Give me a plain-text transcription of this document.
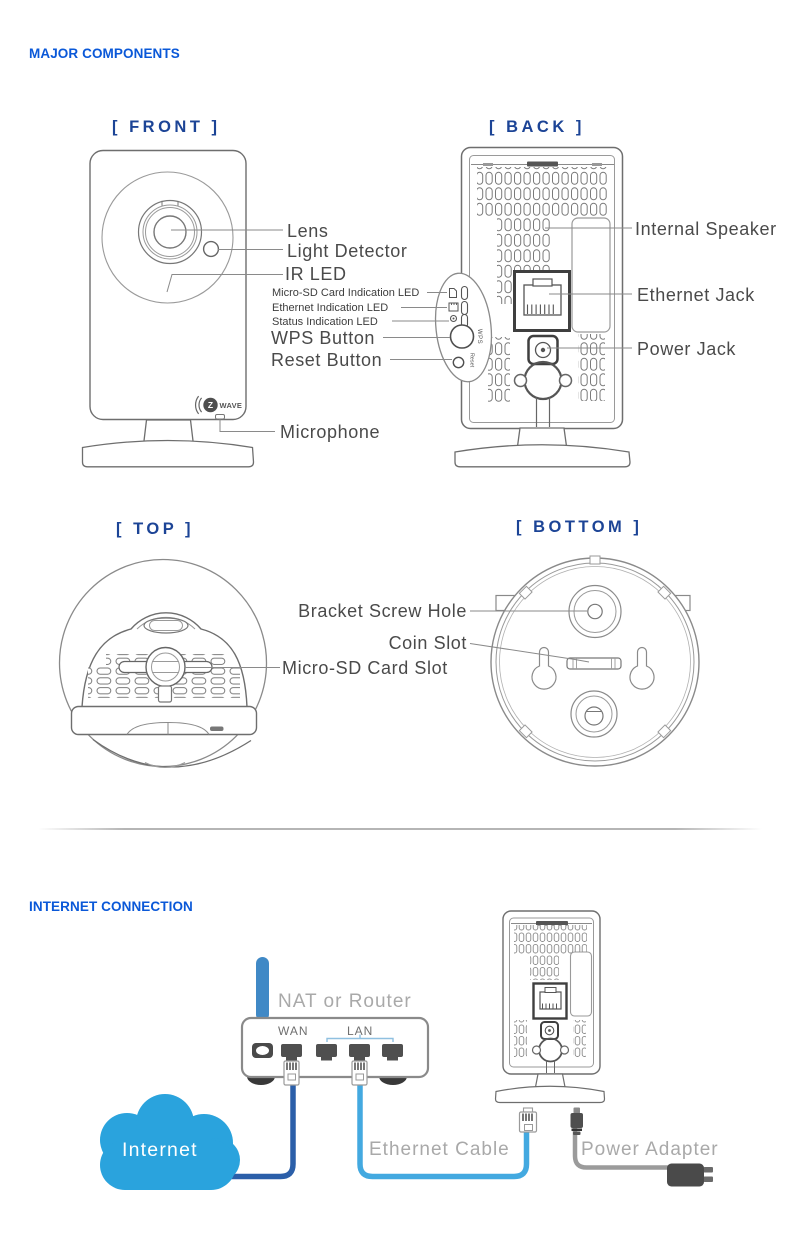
Z WAVE
WPS
Reset
MAJOR COMPONENTS
[ FRONT ]	[ BACK ]
[ TOP ]	[ BOTTOM ]
Lens
Light Detector
IR LED
Micro-SD Card Indication LED
Ethernet Indication LED
Status Indication LED
WPS Button
Reset Button
Microphone
Internal Speaker
Ethernet Jack
Power Jack
Bracket Screw Hole
Coin Slot
Micro-SD Card Slot
INTERNET CONNECTION
NAT or Router
WAN	LAN
Internet	Ethernet Cable	Power Adapter
